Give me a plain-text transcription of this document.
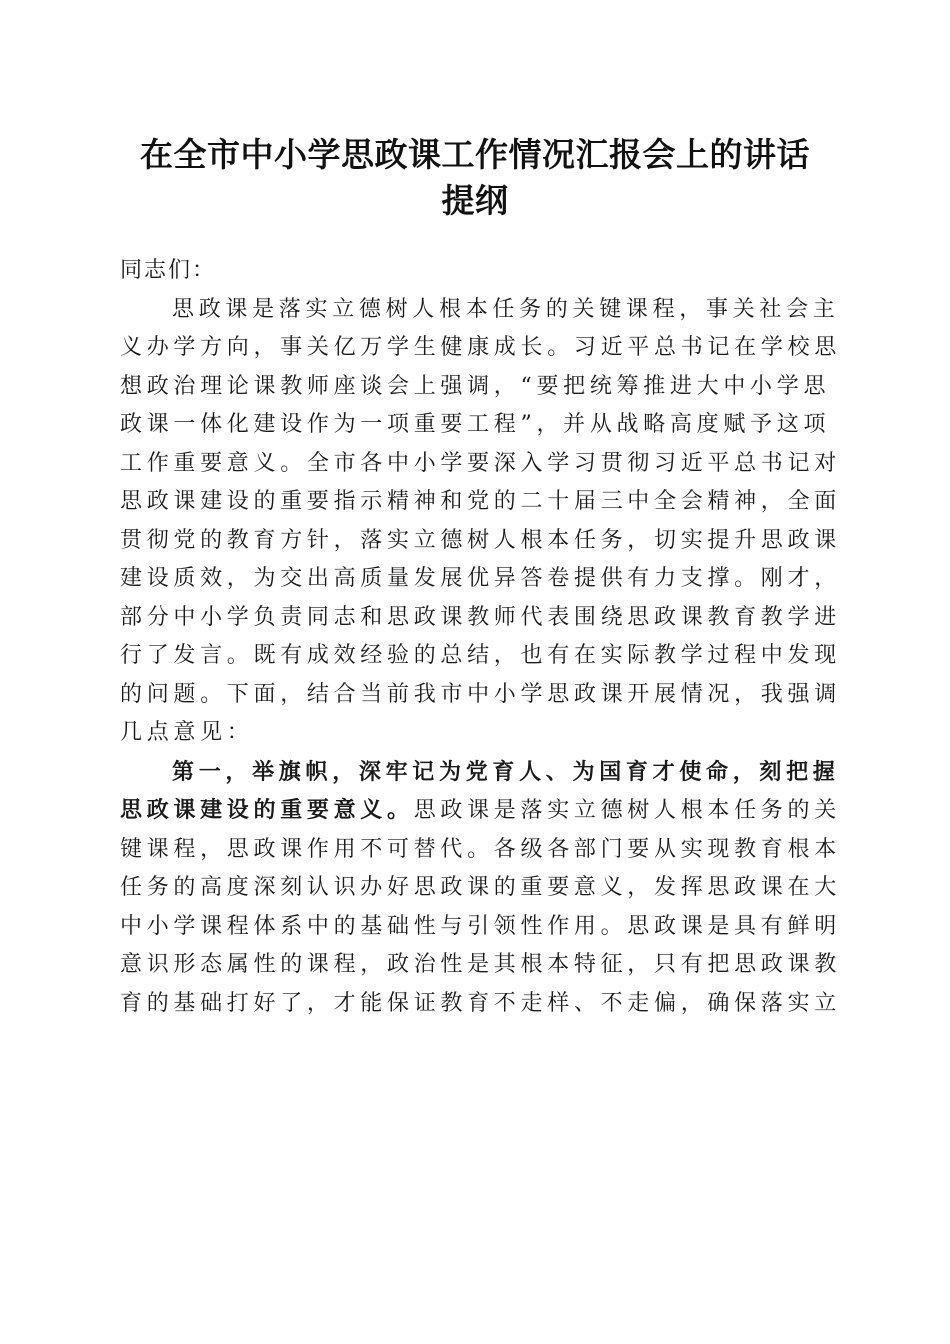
在全市中小学思政课工作情况汇报会上的讲话
提纲

同志们：

思政课是落实立德树人根本任务的关键课程，事关社会主
义办学方向，事关亿万学生健康成长。习近平总书记在学校思
想政治理论课教师座谈会上强调，“要把统筹推进大中小学思
政课一体化建设作为一项重要工程”，并从战略高度赋予这项
工作重要意义。全市各中小学要深入学习贯彻习近平总书记对
思政课建设的重要指示精神和党的二十届三中全会精神，全面
贯彻党的教育方针，落实立德树人根本任务，切实提升思政课
建设质效，为交出高质量发展优异答卷提供有力支撑。刚才，
部分中小学负责同志和思政课教师代表围绕思政课教育教学进
行了发言。既有成效经验的总结，也有在实际教学过程中发现
的问题。下面，结合当前我市中小学思政课开展情况，我强调
几点意见：

第一，举旗帜，深牢记为党育人、为国育才使命，刻把握
思政课建设的重要意义。思政课是落实立德树人根本任务的关
键课程，思政课作用不可替代。各级各部门要从实现教育根本
任务的高度深刻认识办好思政课的重要意义，发挥思政课在大
中小学课程体系中的基础性与引领性作用。思政课是具有鲜明
意识形态属性的课程，政治性是其根本特征，只有把思政课教
育的基础打好了，才能保证教育不走样、不走偏，确保落实立
